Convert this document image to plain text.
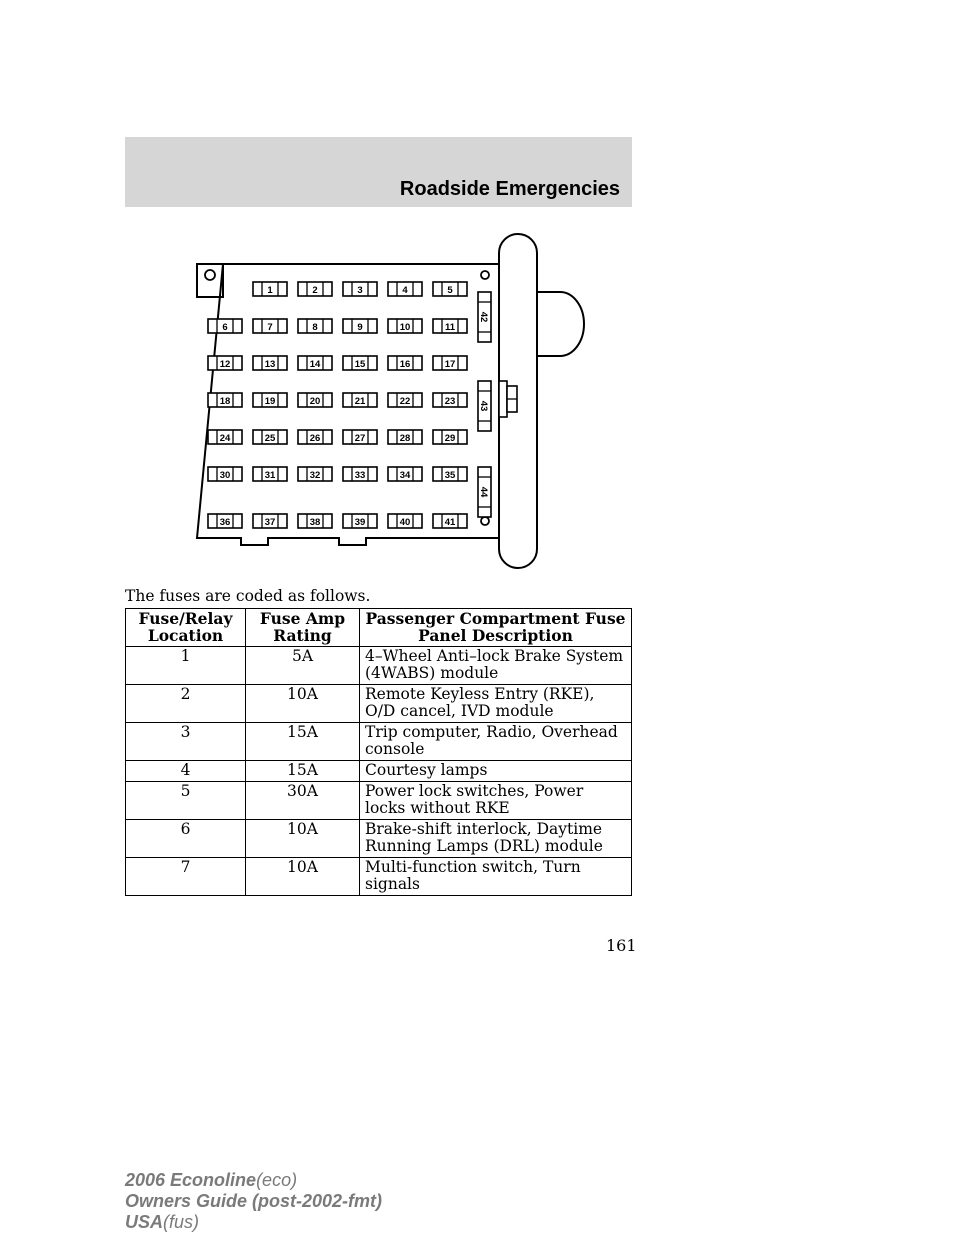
Roadside Emergencies
1	2	3	4	5
6	7	8	9	10	11
12	13	14	15	16	17
18	19	20	21	22	23
24	25	26	27	28	29
30	31	32	33	34	35
36	37	38	39	40	41
42
43
44
The fuses are coded as follows.
Fuse/Relay Location	Fuse Amp Rating	Passenger Compartment Fuse Panel Description
1	5A	4–Wheel Anti–lock Brake System (4WABS) module
2	10A	Remote Keyless Entry (RKE), O/D cancel, IVD module
3	15A	Trip computer, Radio, Overhead console
4	15A	Courtesy lamps
5	30A	Power lock switches, Power locks without RKE
6	10A	Brake-shift interlock, Daytime Running Lamps (DRL) module
7	10A	Multi-function switch, Turn signals
161
2006 Econoline(eco)
Owners Guide (post-2002-fmt)
USA(fus)
